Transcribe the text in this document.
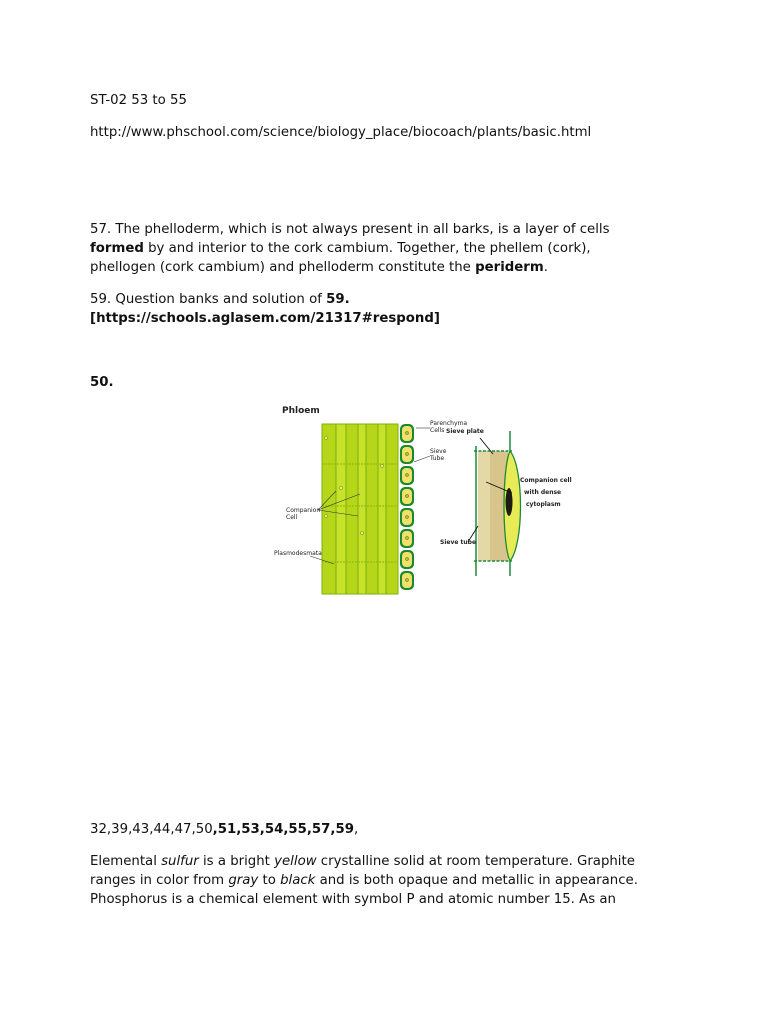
ST-02 53 to 55
http://www.phschool.com/science/biology_place/biocoach/plants/basic.html
57. The phelloderm, which is not always present in all barks, is a layer of cells
formed by and interior to the cork cambium. Together, the phellem (cork),
phellogen (cork cambium) and phelloderm constitute the periderm.
59. Question banks and solution of 59.
[https://schools.aglasem.com/21317#respond]
50.
Phloem
Parenchyma
Cells
Sieve
Tube
Companion
Cell
Plasmodesmata
Sieve plate
Companion cell
with dense
cytoplasm
Sieve tube
32,39,43,44,47,50,51,53,54,55,57,59,
Elemental sulfur is a bright yellow crystalline solid at room temperature. Graphite
ranges in color from gray to black and is both opaque and metallic in appearance.
Phosphorus is a chemical element with symbol P and atomic number 15. As an
